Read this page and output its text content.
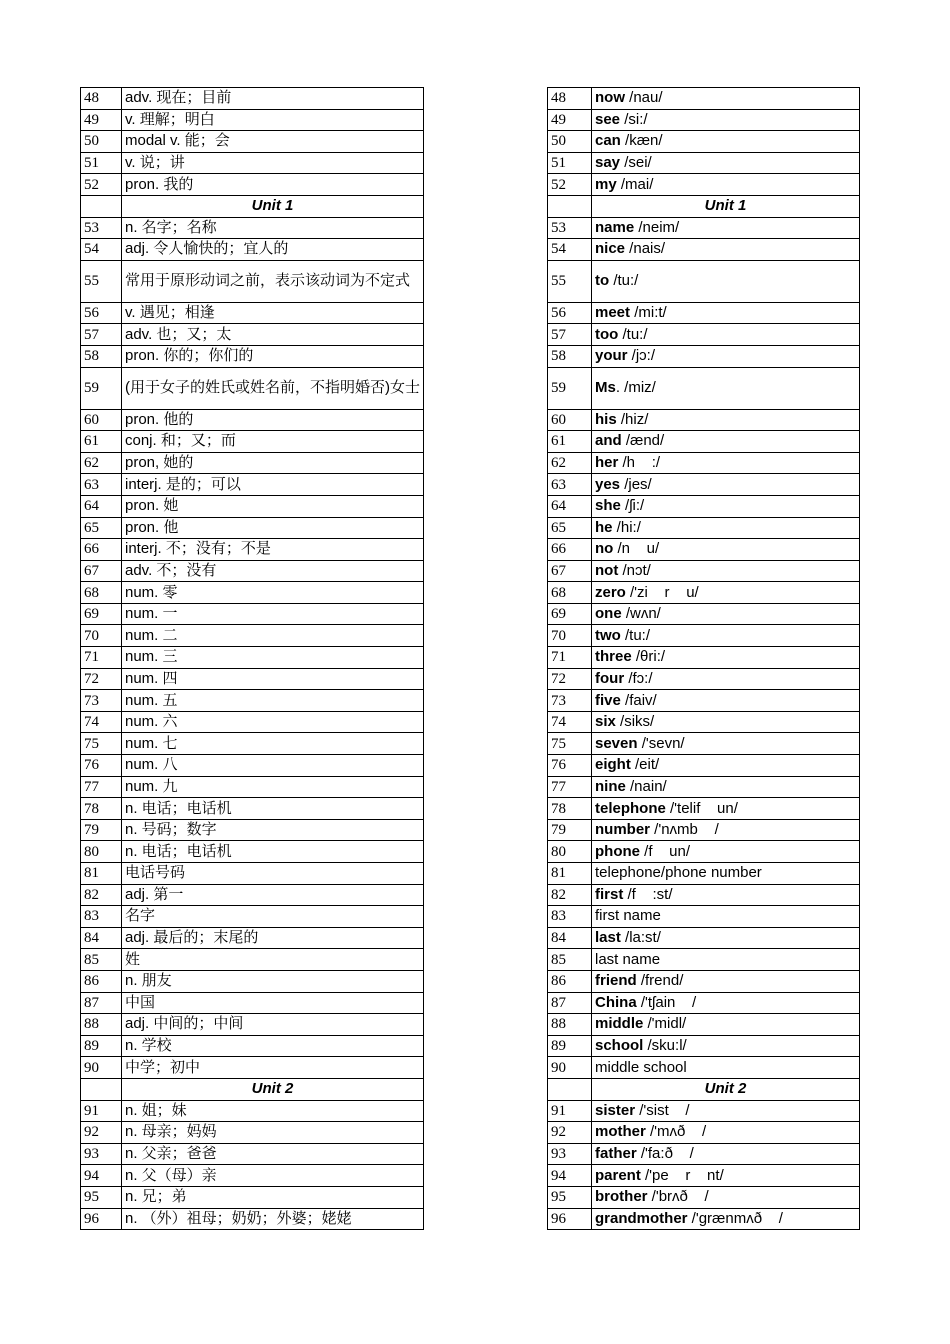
48	adv. 现在；目前
49	v. 理解；明白
50	modal v. 能；会
51	v. 说；讲
52	pron. 我的
	Unit 1
53	n. 名字；名称
54	adj. 令人愉快的；宜人的
55	常用于原形动词之前，表示该动词为不定式
56	v. 遇见；相逢
57	adv. 也；又；太
58	pron. 你的；你们的
59	(用于女子的姓氏或姓名前，不指明婚否)女士
60	pron. 他的
61	conj. 和；又；而
62	pron, 她的
63	interj. 是的；可以
64	pron. 她
65	pron. 他
66	interj. 不；没有；不是
67	adv. 不；没有
68	num. 零
69	num. 一
70	num. 二
71	num. 三
72	num. 四
73	num. 五
74	num. 六
75	num. 七
76	num. 八
77	num. 九
78	n. 电话；电话机
79	n. 号码；数字
80	n. 电话；电话机
81	电话号码
82	adj. 第一
83	名字
84	adj. 最后的；末尾的
85	姓
86	n. 朋友
87	中国
88	adj. 中间的；中间
89	n. 学校
90	中学；初中
	Unit 2
91	n. 姐；妹
92	n. 母亲；妈妈
93	n. 父亲；爸爸
94	n. 父（母）亲
95	n. 兄；弟
96	n. （外）祖母；奶奶；外婆；姥姥
48	now /nau/
49	see /si:/
50	can /kæn/
51	say /sei/
52	my /mai/
	Unit 1
53	name /neim/
54	nice /nais/
55	to /tu:/
56	meet /mi:t/
57	too /tu:/
58	your /jɔ:/
59	Ms. /miz/
60	his /hiz/
61	and /ænd/
62	her /h    :/
63	yes /jes/
64	she /ʃi:/
65	he /hi:/
66	no /n    u/
67	not /nɔt/
68	zero /'zi    r    u/
69	one /wʌn/
70	two /tu:/
71	three /θri:/
72	four /fɔ:/
73	five /faiv/
74	six /siks/
75	seven /'sevn/
76	eight /eit/
77	nine /nain/
78	telephone /'telif    un/
79	number /'nʌmb    /
80	phone /f    un/
81	telephone/phone number
82	first /f    :st/
83	first name
84	last /la:st/
85	last name
86	friend /frend/
87	China /'tʃain    /
88	middle /'midl/
89	school /sku:l/
90	middle school
	Unit 2
91	sister /'sist    /
92	mother /'mʌð    /
93	father /'fa:ð    /
94	parent /'pe    r    nt/
95	brother /'brʌð    /
96	grandmother /'grænmʌð    /
